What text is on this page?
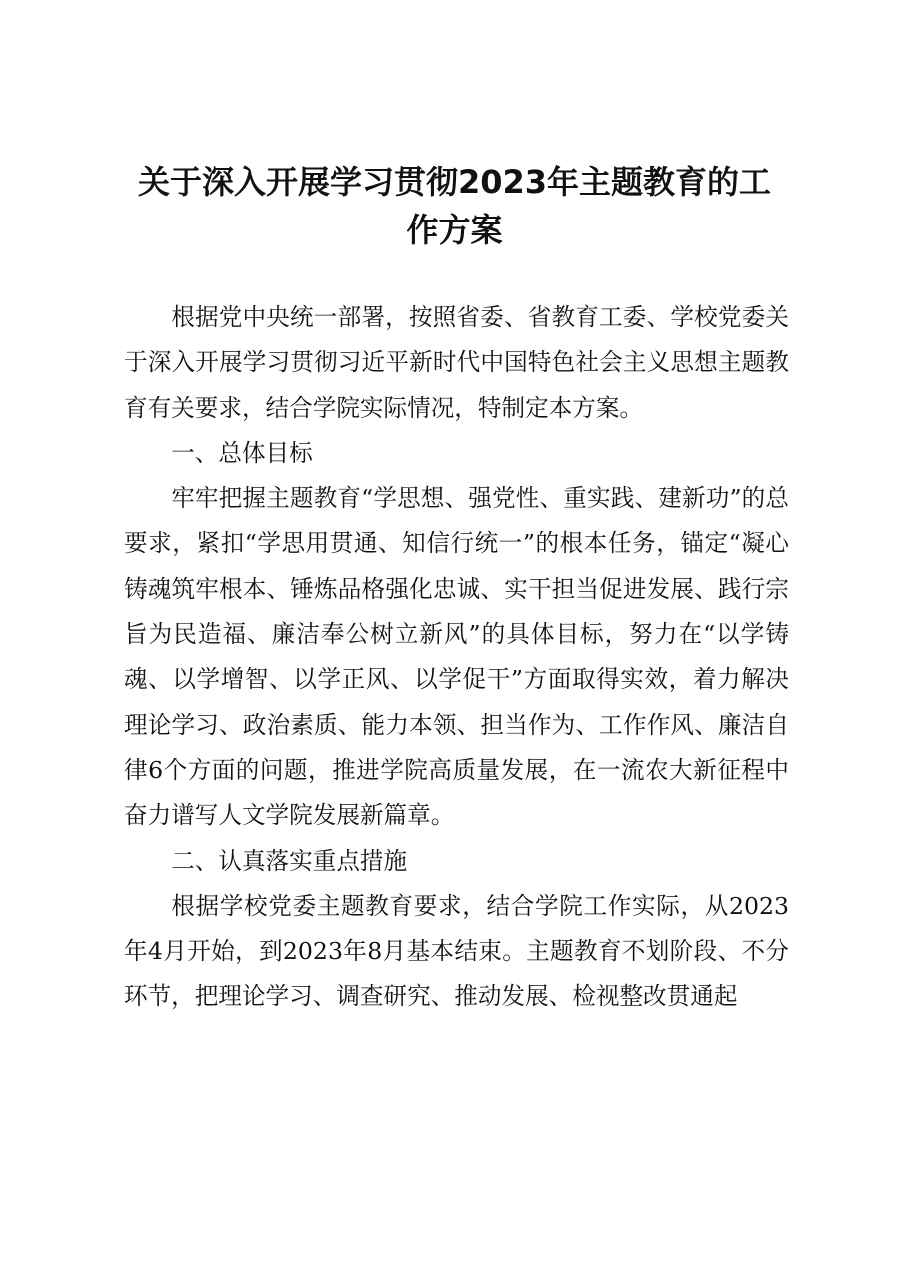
关于深入开展学习贯彻2023年主题教育的工
作方案

根据党中央统一部署，按照省委、省教育工委、学校党委关于深入开展学习贯彻习近平新时代中国特色社会主义思想主题教育有关要求，结合学院实际情况，特制定本方案。

一、总体目标

牢牢把握主题教育“学思想、强党性、重实践、建新功”的总要求，紧扣“学思用贯通、知信行统一”的根本任务，锚定“凝心铸魂筑牢根本、锤炼品格强化忠诚、实干担当促进发展、践行宗旨为民造福、廉洁奉公树立新风”的具体目标，努力在“以学铸魂、以学增智、以学正风、以学促干”方面取得实效，着力解决理论学习、政治素质、能力本领、担当作为、工作作风、廉洁自律6个方面的问题，推进学院高质量发展，在一流农大新征程中奋力谱写人文学院发展新篇章。

二、认真落实重点措施

根据学校党委主题教育要求，结合学院工作实际，从2023年4月开始，到2023年8月基本结束。主题教育不划阶段、不分环节，把理论学习、调查研究、推动发展、检视整改贯通起
